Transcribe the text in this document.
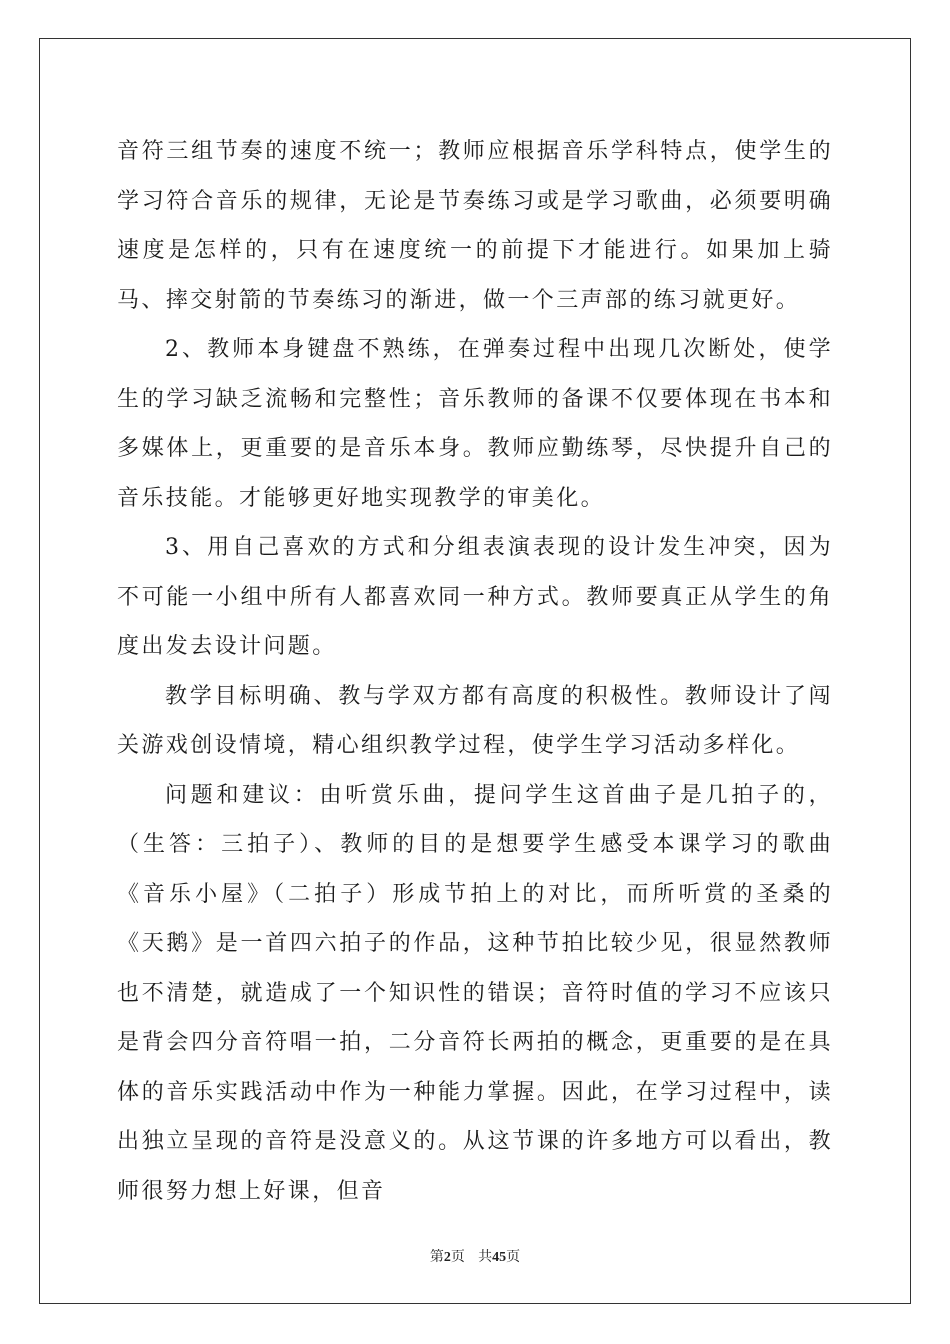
音符三组节奏的速度不统一；教师应根据音乐学科特点，使学生的学习符合音乐的规律，无论是节奏练习或是学习歌曲，必须要明确速度是怎样的，只有在速度统一的前提下才能进行。如果加上骑马、摔交射箭的节奏练习的渐进，做一个三声部的练习就更好。

2、教师本身键盘不熟练，在弹奏过程中出现几次断处，使学生的学习缺乏流畅和完整性；音乐教师的备课不仅要体现在书本和多媒体上，更重要的是音乐本身。教师应勤练琴，尽快提升自己的音乐技能。才能够更好地实现教学的审美化。

3、用自己喜欢的方式和分组表演表现的设计发生冲突，因为不可能一小组中所有人都喜欢同一种方式。教师要真正从学生的角度出发去设计问题。

教学目标明确、教与学双方都有高度的积极性。教师设计了闯关游戏创设情境，精心组织教学过程，使学生学习活动多样化。

问题和建议：由听赏乐曲，提问学生这首曲子是几拍子的，（生答：三拍子）、教师的目的是想要学生感受本课学习的歌曲《音乐小屋》（二拍子）形成节拍上的对比，而所听赏的圣桑的《天鹅》是一首四六拍子的作品，这种节拍比较少见，很显然教师也不清楚，就造成了一个知识性的错误；音符时值的学习不应该只是背会四分音符唱一拍，二分音符长两拍的概念，更重要的是在具体的音乐实践活动中作为一种能力掌握。因此，在学习过程中，读出独立呈现的音符是没意义的。从这节课的许多地方可以看出，教师很努力想上好课，但音

第2页 共45页
